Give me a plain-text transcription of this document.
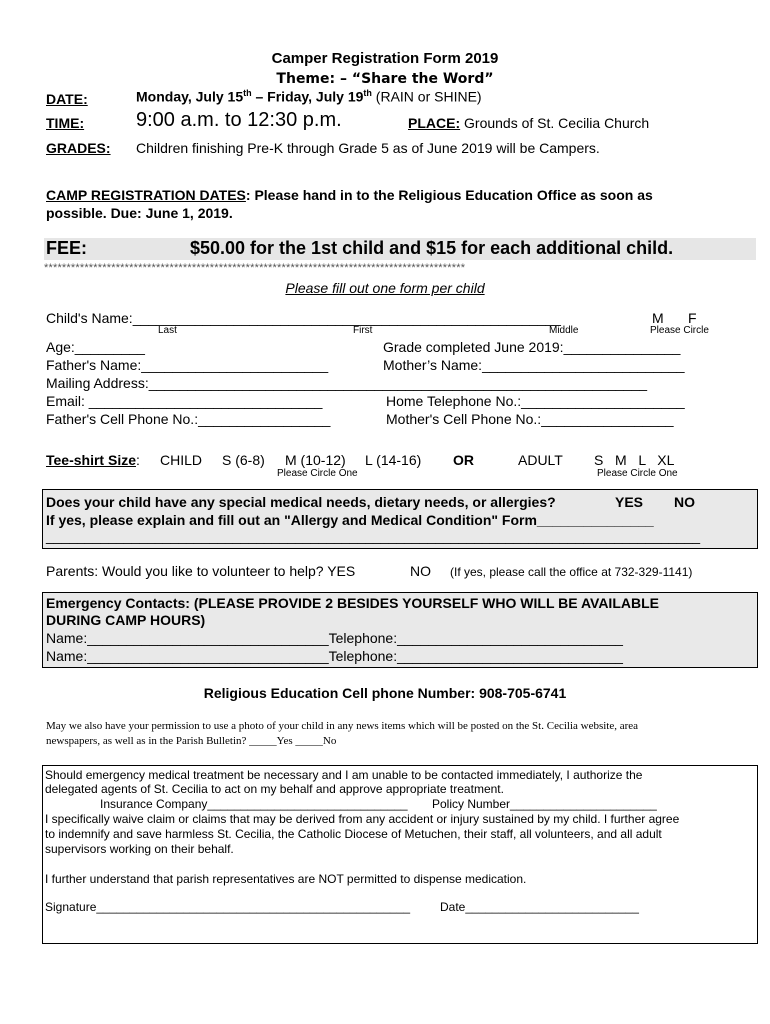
Camper Registration Form 2019
Theme: – “Share the Word”
DATE:	Monday, July 15th – Friday, July 19th (RAIN or SHINE)
TIME:	9:00 a.m. to 12:30 p.m.	PLACE: Grounds of St. Cecilia Church
GRADES: Children finishing Pre-K through Grade 5 as of June 2019 will be Campers.
CAMP REGISTRATION DATES: Please hand in to the Religious Education Office as soon as
possible. Due: June 1, 2019.
FEE:	$50.00 for the 1st child and $15 for each additional child.
**********************************************************************************************
Please fill out one form per child
Child's Name:_______________________________________________________	M F
Last	First	Middle	Please Circle
Age:_________	Grade completed June 2019:_______________
Father's Name:________________________	Mother’s Name:__________________________
Mailing Address:________________________________________________________________
Email: ______________________________	Home Telephone No.:_____________________
Father's Cell Phone No.:_________________	Mother's Cell Phone No.:_________________
Tee-shirt Size: CHILD S (6-8) M (10-12) L (14-16) OR	ADULT S   M   L   XL
Please Circle One	Please Circle One
Does your child have any special medical needs, dietary needs, or allergies?	YES NO
If yes, please explain and fill out an "Allergy and Medical Condition" Form_______________
____________________________________________________________________________________
Parents: Would you like to volunteer to help? YES	NO (If yes, please call the office at 732-329-1141)
Emergency Contacts: (PLEASE PROVIDE 2 BESIDES YOURSELF WHO WILL BE AVAILABLE
DURING CAMP HOURS)
Name:_______________________________Telephone:_____________________________
Name:_______________________________Telephone:_____________________________
Religious Education Cell phone Number: 908-705-6741
May we also have your permission to use a photo of your child in any news items which will be posted on the St. Cecilia website, area
newspapers, as well as in the Parish Bulletin? _____Yes _____No
Should emergency medical treatment be necessary and I am unable to be contacted immediately, I authorize the
delegated agents of St. Cecilia to act on my behalf and approve appropriate treatment.
Insurance Company______________________________ Policy Number______________________
I specifically waive claim or claims that may be derived from any accident or injury sustained by my child. I further agree
to indemnify and save harmless St. Cecilia, the Catholic Diocese of Metuchen, their staff, all volunteers, and all adult
supervisors working on their behalf.
I further understand that parish representatives are NOT permitted to dispense medication.
Signature_______________________________________________ Date__________________________
